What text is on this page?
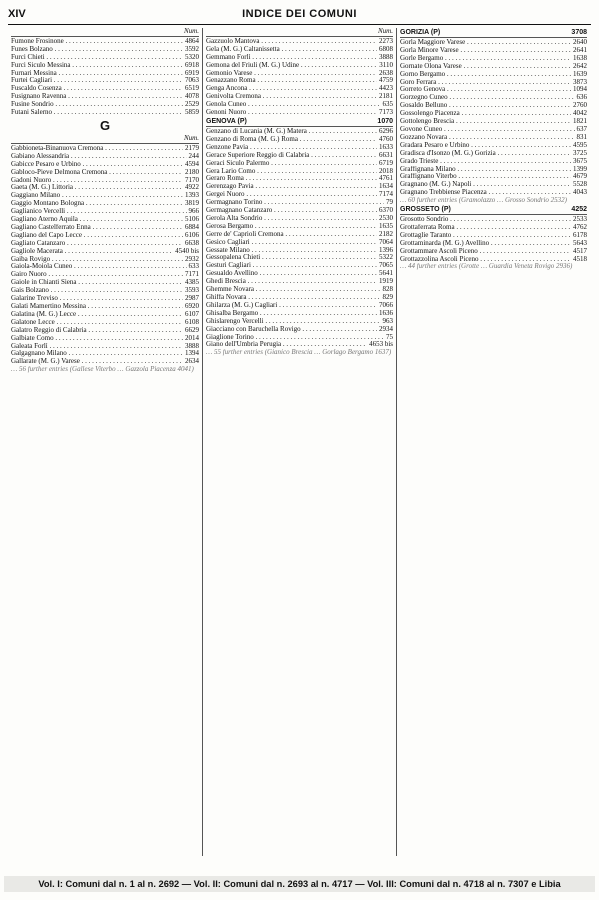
XIV	INDICE DEI COMUNI
Num.
Fumone Frosinone . . .	4864
Funes Bolzano . . .	3592
Furci Chieti . . .	5320
Furci Siculo Messina . . .	6918
Furnari Messina . . .	6919
Furtei Cagliari . . .	7063
Fuscaldo Cosenza . . .	6519
Fusignano Ravenna . . .	4078
Fusine Sondrio . . .	2529
Futani Salerno . . .	5859
G
Num.
Gabbioneta-Binanuova Cremona . . .	2179
Gabiano Alessandria . . .	244
Gabicce Pesaro e Urbino . . .	4594
Gabloco-Pieve Delmona Cremona . . .	2180
Gadoni Nuoro . . .	7170
Gaeta (M. G.) Littoria . . .	4922
Gaggiano Milano . . .	1393
Gaggio Montano Bologna . . .	3819
Gaglianico Vercelli . . .	966
Gagliano Aterno Aquila . . .	5106
Gagliano Castelferrato Enna . . .	6884
Gagliano del Capo Lecce . . .	6106
Gagliato Catanzaro . . .	6638
Gagliole Macerata . . .	4540 bis
Gaiba Rovigo . . .	2932
Gaiola-Moiola Cuneo . . .	633
Gairo Nuoro . . .	7171
Gaiole in Chianti Siena . . .	4385
Gais Bolzano . . .	3593
Galarine Treviso . . .	2987
Galati Mamertino Messina . . .	6920
Galatina (M. G.) Lecce . . .	6107
Galatone Lecce . . .	6108
Galatro Reggio di Calabria . . .	6629
Galbiate Como . . .	2014
Galeata Forlì . . .	3888
Galgagnano Milano . . .	1394
Gallarate (M. G.) Varese . . .	2634
… 56 further entries (Gallese Viterbo … Gazzola Piacenza 4041)
Num.
Gazzuolo Mantova . . .	2273
Gela (M. G.) Caltanissetta . . .	6808
Gemmano Forlì . . .	3888
Gemona del Friuli (M. G.) Udine . . .	3110
Gemonio Varese . . .	2638
Genazzano Roma . . .	4759
Genga Ancona . . .	4423
Genivolta Cremona . . .	2181
Genola Cuneo . . .	635
Genoni Nuoro . . .	7173
GENOVA (P)	1070
Genzano di Lucania (M. G.) Matera . . .	6296
Genzano di Roma (M. G.) Roma . . .	4760
Genzone Pavia . . .	1633
Gerace Superiore Reggio di Calabria . . .	6631
Geraci Siculo Palermo . . .	6719
Gera Lario Como . . .	2018
Geraro Roma . . .	4761
Gerenzago Pavia . . .	1634
Gergei Nuoro . . .	7174
Germagnano Torino . . .	79
Germagnano Catanzaro . . .	6370
Gerola Alta Sondrio . . .	2530
Gerosa Bergamo . . .	1635
Gerre de' Caprioli Cremona . . .	2182
Gesico Cagliari . . .	7064
Gessate Milano . . .	1396
Gessopalena Chieti . . .	5322
Gesturi Cagliari . . .	7065
Gesualdo Avellino . . .	5641
Ghedi Brescia . . .	1919
Ghemme Novara . . .	828
Ghiffa Novara . . .	829
Ghilarza (M. G.) Cagliari . . .	7066
Ghisalba Bergamo . . .	1636
Ghislarengo Vercelli . . .	963
Giacciano con Baruchella Rovigo . . .	2934
Giaglione Torino . . .	75
Giano dell'Umbria Perugia . . .	4653 bis
… 55 further entries (Gianico Brescia … Gorlago Bergamo 1637)
GORIZIA (P)	3708
Gorla Maggiore Varese . . .	2640
Gorla Minore Varese . . .	2641
Gorle Bergamo . . .	1638
Gornate Olona Varese . . .	2642
Gorno Bergamo . . .	1639
Goro Ferrara . . .	3873
Gorreto Genova . . .	1094
Gorzegno Cuneo . . .	636
Gosaldo Belluno . . .	2760
Gossolengo Piacenza . . .	4042
Gottolengo Brescia . . .	1821
Govone Cuneo . . .	637
Gozzano Novara . . .	831
Gradara Pesaro e Urbino . . .	4595
Gradisca d'Isonzo (M. G.) Gorizia . . .	3725
Grado Trieste . . .	3675
Graffignana Milano . . .	1399
Graffignano Viterbo . . .	4679
Gragnano (M. G.) Napoli . . .	5528
Gragnano Trebbiense Piacenza . . .	4043
… 60 further entries (Gramolazzo … Grosso Sondrio 2532)
GROSSETO (P)	4252
Grosotto Sondrio . . .	2533
Grottaferrata Roma . . .	4762
Grottaglie Taranto . . .	6178
Grottaminarda (M. G.) Avellino . . .	5643
Grottammare Ascoli Piceno . . .	4517
Grottazzolina Ascoli Piceno . . .	4518
… 44 further entries (Grotte … Guardia Veneta Rovigo 2936)
Vol. I: Comuni dal n. 1 al n. 2692 — Vol. II: Comuni dal n. 2693 al n. 4717 — Vol. III: Comuni dal n. 4718 al n. 7307 e Libia
